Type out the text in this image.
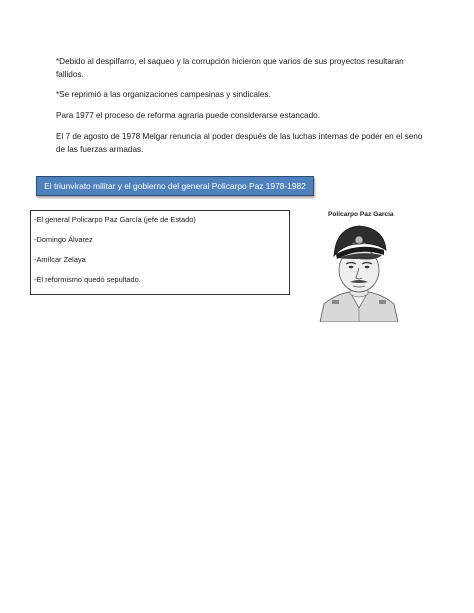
*Debido al despilfarro, el saqueo y la corrupción hicieron que varios de sus proyectos resultaran fallidos.

*Se reprimió a las organizaciones campesinas y sindicales.

Para 1977 el proceso de reforma agraria puede considerarse estancado.

El 7 de agosto de 1978 Melgar renuncia al poder después de las luchas internas de poder en el seno de las fuerzas armadas.

El triunvirato militar y el gobierno del general Policarpo Paz 1978-1982
-El general Policarpo Paz García (jefe de Estado)
-Domingo Álvarez
-Amílcar Zelaya
-El reformismo quedó sepultado.
Policarpo Paz García
